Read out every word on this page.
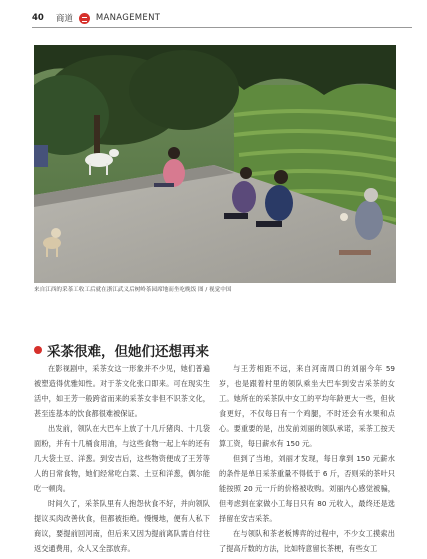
40 商道	MANAGEMENT
来自江西的采茶工收工后就在浙江武义后树岭茶园席地而坐吃晚饭 图 / 视觉中国
采茶很难，但她们还想再来

在影视剧中，采茶女这一形象并不少见，她们普遍被塑造得优雅知性。对于茶文化张口即来。可在现实生活中，如王芳一般跨省而来的采茶女非但不识茶文化，甚至连基本的饮食都很难被保证。

出发前，领队在大巴车上放了十几斤猪肉、十几袋面粉，并有十几桶食用油，与这些食物一起上车的还有几大袋土豆、洋葱。到安吉后，这些物资便成了王芳等人的日常食物，她们经常吃白菜、土豆和洋葱，偶尔能吃一顿肉。

时间久了，采茶队里有人抱怨伙食不好，并向领队提议买肉改善伙食，但都被拒绝。慢慢地，便有人私下商议，要提前回河南，但后来又因为提前离队需自付往返交通费用，众人又全部放弃。

与王芳相距不远，来自河南周口的刘丽今年 59 岁，也是跟着村里的领队乘坐大巴车到安吉采茶的女工。她所在的采茶队中女工的平均年龄更大一些，但伙食更好，不仅每日有一个鸡腿，不时还会有水果和点心。要重要的是，出发前刘丽的领队承诺，采茶工按天算工资，每日薪水有 150 元。

但到了当地，刘丽才发现，每日拿到 150 元薪水的条件是单日采茶重量不得低于 6 斤，否则采的茶叶只能按照 20 元一斤的价格被收购。刘丽内心感觉被骗，但考虑到在家做小工每日只有 80 元收入，最终还是选择留在安吉采茶。

在与领队和茶老板博弈的过程中，不少女工摸索出了提高斤数的方法，比如特意留长茶梗，有些女工
